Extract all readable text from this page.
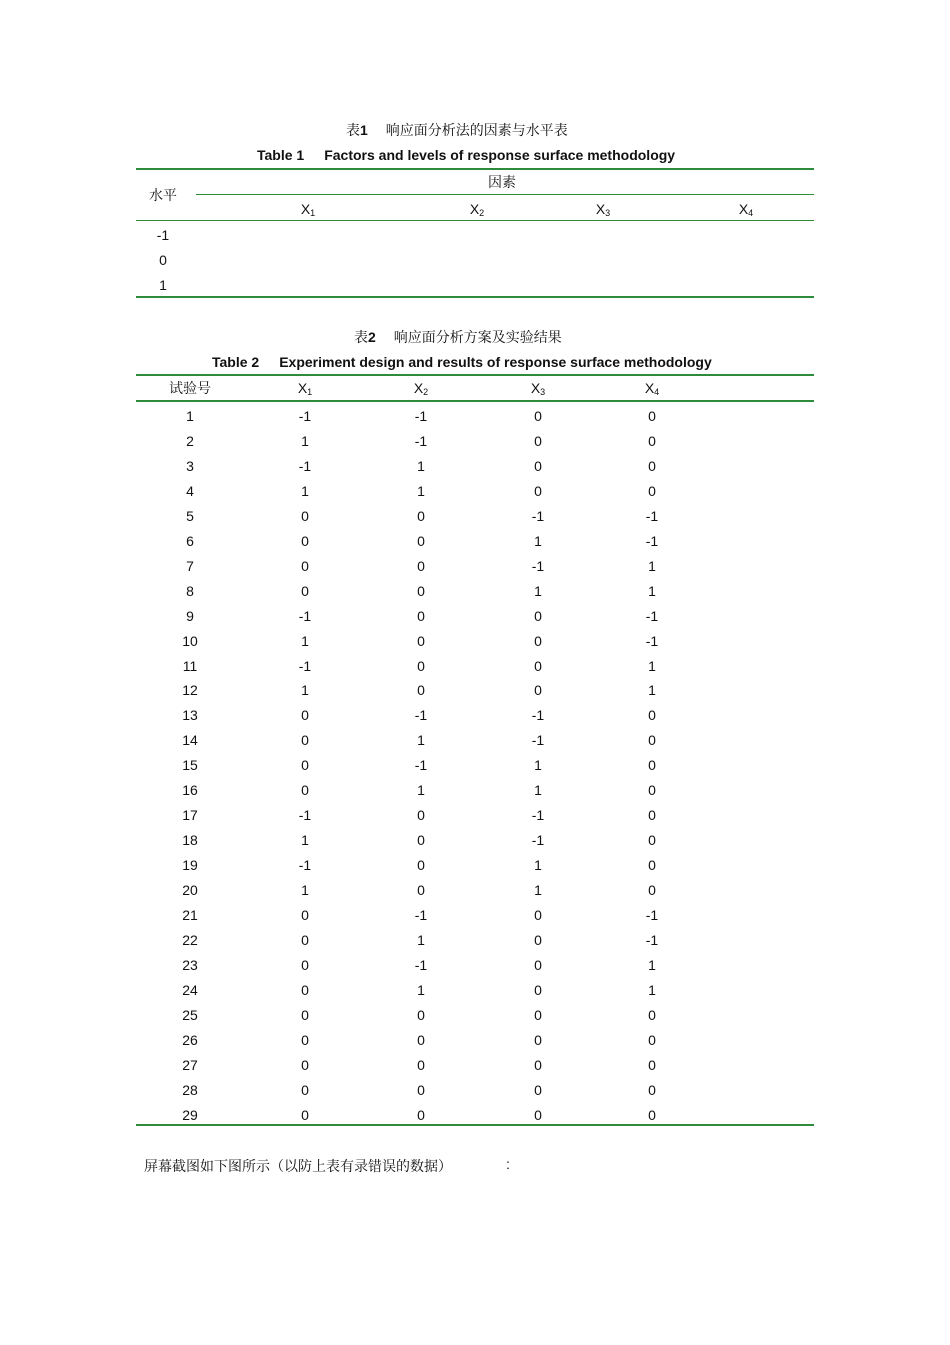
表1 响应面分析法的因素与水平表
Table 1 Factors and levels of response surface methodology
水平
因素
$X_1$	$X_2$	$X_3$	$X_4$
-1
0
1
表2 响应面分析方案及实验结果
Table 2 Experiment design and results of response surface methodology
试验号	$X_1$	$X_2$	$X_3$	$X_4$
1	-1	-1	0	0
2	1	-1	0	0
3	-1	1	0	0
4	1	1	0	0
5	0	0	-1	-1
6	0	0	1	-1
7	0	0	-1	1
8	0	0	1	1
9	-1	0	0	-1
10	1	0	0	-1
11	-1	0	0	1
12	1	0	0	1
13	0	-1	-1	0
14	0	1	-1	0
15	0	-1	1	0
16	0	1	1	0
17	-1	0	-1	0
18	1	0	-1	0
19	-1	0	1	0
20	1	0	1	0
21	0	-1	0	-1
22	0	1	0	-1
23	0	-1	0	1
24	0	1	0	1
25	0	0	0	0
26	0	0	0	0
27	0	0	0	0
28	0	0	0	0
29	0	0	0	0
屏幕截图如下图所示（以防上表有录错误的数据）	:
